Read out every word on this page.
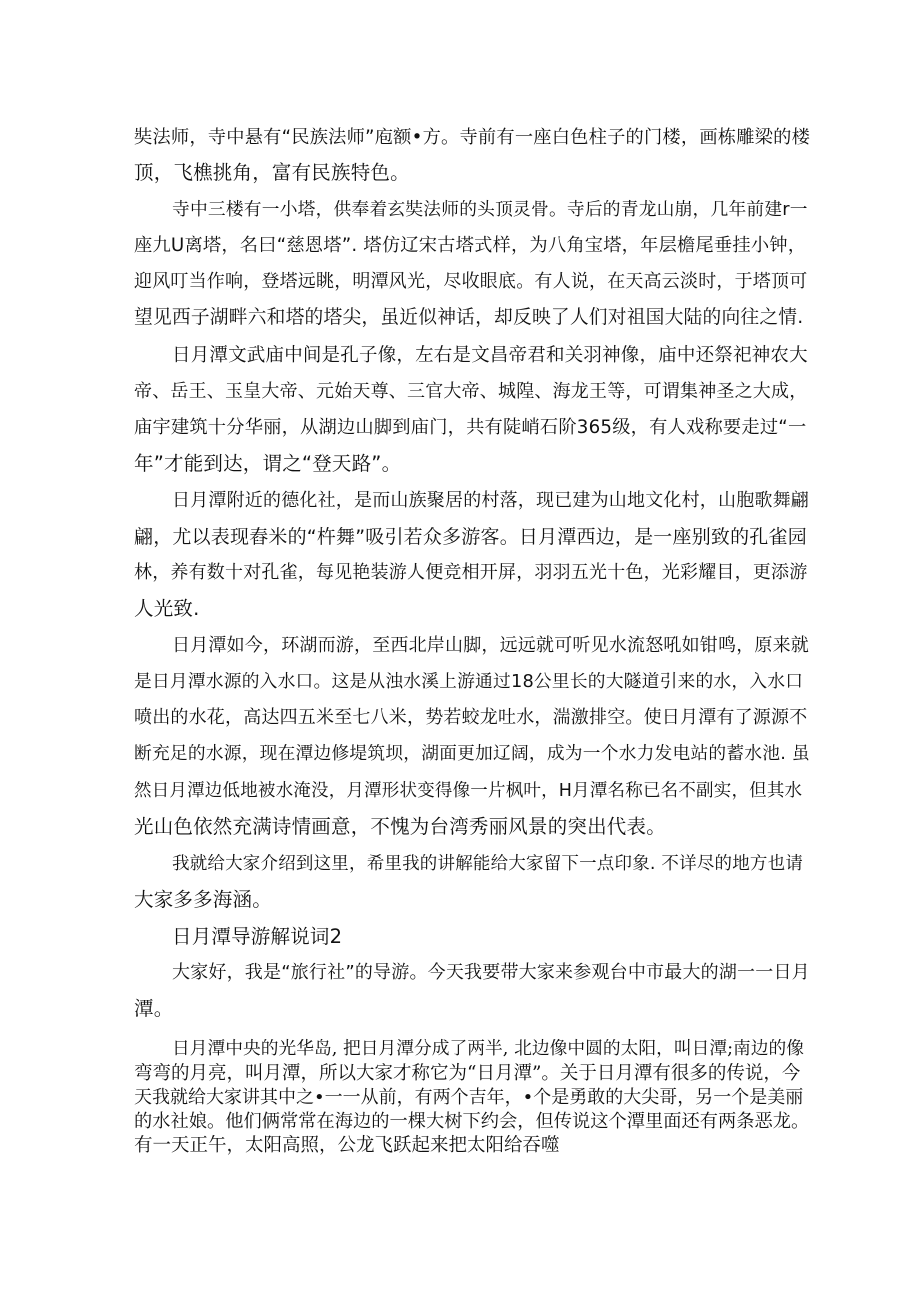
奘法师，寺中悬有“民族法师”庖额•方。寺前有一座白色柱子的门楼，画栋雕梁的楼
顶，飞樵挑角，富有民族特色。
寺中三楼有一小塔，供奉着玄奘法师的头顶灵骨。寺后的青龙山崩，几年前建r一
座九U离塔，名曰“慈恩塔”. 塔仿辽宋古塔式样，为八角宝塔，年层檐尾垂挂小钟，
迎风叮当作响，登塔远眺，明潭风光，尽收眼底。有人说，在天高云淡时，于塔顶可
望见西子湖畔六和塔的塔尖，虽近似神话，却反映了人们对祖国大陆的向往之情.
日月潭文武庙中间是孔子像，左右是文昌帝君和关羽神像，庙中还祭祀神农大
帝、岳王、玉皇大帝、元始天尊、三官大帝、城隍、海龙王等，可谓集神圣之大成，
庙宇建筑十分华丽，从湖边山脚到庙门，共有陡峭石阶365级，有人戏称要走过“一
年”才能到达，谓之“登天路”。
日月潭附近的德化社，是而山族聚居的村落，现已建为山地文化村，山胞歌舞翩
翩，尤以表现舂米的“杵舞”吸引若众多游客。日月潭西边，是一座别致的孔雀园
林，养有数十对孔雀，每见艳装游人便竞相开屏，羽羽五光十色，光彩耀目，更添游
人光致.
日月潭如今，环湖而游，至西北岸山脚，远远就可听见水流怒吼如钳鸣，原来就
是日月潭水源的入水口。这是从浊水溪上游通过18公里长的大隧道引来的水，入水口
喷出的水花，高达四五米至七八米，势若蛟龙吐水，湍激排空。使日月潭有了源源不
断充足的水源，现在潭边修堤筑坝，湖面更加辽阔，成为一个水力发电站的蓄水池. 虽
然日月潭边低地被水淹没，月潭形状变得像一片枫叶，H月潭名称已名不副实，但其水
光山色依然充满诗情画意，不愧为台湾秀丽风景的突出代表。
我就给大家介绍到这里，希里我的讲解能给大家留下一点印象. 不详尽的地方也请
大家多多海涵。
日月潭导游解说词2
大家好，我是“旅行社”的导游。今天我要带大家来参观台中市最大的湖一一日月
潭。
日月潭中央的光华岛, 把日月潭分成了两半, 北边像中圆的太阳，叫日潭;南边的像
弯弯的月亮，叫月潭，所以大家才称它为“日月潭”。关于日月潭有很多的传说，今
天我就给大家讲其中之•一一从前，有两个吉年，•个是勇敢的大尖哥，另一个是美丽
的水社娘。他们俩常常在海边的一棵大树下约会，但传说这个潭里面还有两条恶龙。
有一天正午，太阳高照，公龙飞跃起来把太阳给吞噬
